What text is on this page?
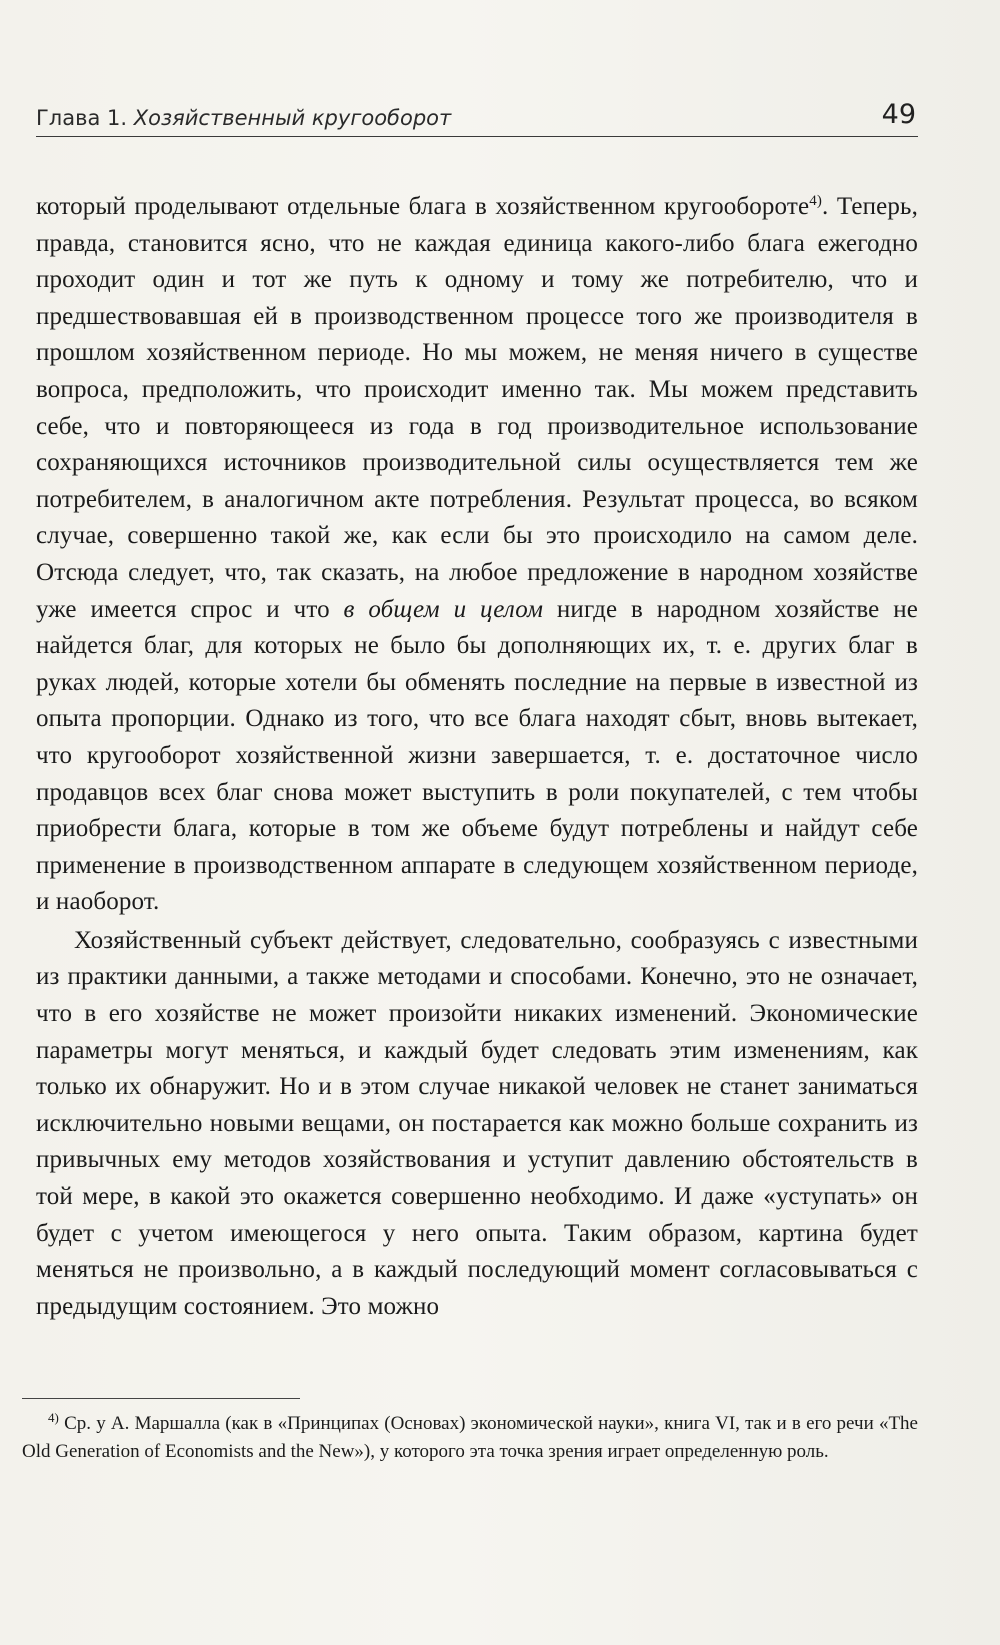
Глава 1. Хозяйственный кругооборот	49

который проделывают отдельные блага в хозяйственном кругообороте$^{4)}$. Теперь, правда, становится ясно, что не каждая единица какого-либо блага ежегодно проходит один и тот же путь к одному и тому же потребителю, что и предшествовавшая ей в производственном процессе того же производителя в прошлом хозяйственном периоде. Но мы можем, не меняя ничего в существе вопроса, предположить, что происходит именно так. Мы можем представить себе, что и повторяющееся из года в год производительное использование сохраняющихся источников производительной силы осуществляется тем же потребителем, в аналогичном акте потребления. Результат процесса, во всяком случае, совершенно такой же, как если бы это происходило на самом деле. Отсюда следует, что, так сказать, на любое предложение в народном хозяйстве уже имеется спрос и что в общем и целом нигде в народном хозяйстве не найдется благ, для которых не было бы дополняющих их, т. е. других благ в руках людей, которые хотели бы обменять последние на первые в известной из опыта пропорции. Однако из того, что все блага находят сбыт, вновь вытекает, что кругооборот хозяйственной жизни завершается, т. е. достаточное число продавцов всех благ снова может выступить в роли покупателей, с тем чтобы приобрести блага, которые в том же объеме будут потреблены и найдут себе применение в производственном аппарате в следующем хозяйственном периоде, и наоборот.

Хозяйственный субъект действует, следовательно, сообразуясь с известными из практики данными, а также методами и способами. Конечно, это не означает, что в его хозяйстве не может произойти никаких изменений. Экономические параметры могут меняться, и каждый будет следовать этим изменениям, как только их обнаружит. Но и в этом случае никакой человек не станет заниматься исключительно новыми вещами, он постарается как можно больше сохранить из привычных ему методов хозяйствования и уступит давлению обстоятельств в той мере, в какой это окажется совершенно необходимо. И даже «уступать» он будет с учетом имеющегося у него опыта. Таким образом, картина будет меняться не произвольно, а в каждый последующий момент согласовываться с предыдущим состоянием. Это можно

$^{4)}$ Ср. у А. Маршалла (как в «Принципах (Основах) экономической науки», книга VI, так и в его речи «The Old Generation of Economists and the New»), у которого эта точка зрения играет определенную роль.
